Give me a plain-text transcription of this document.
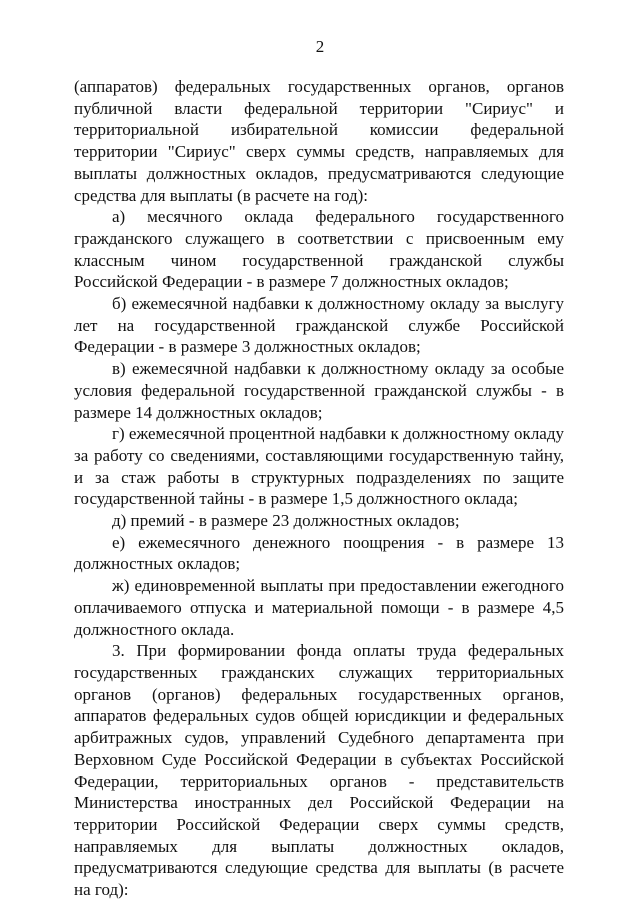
2

(аппаратов) федеральных государственных органов, органов публичной власти федеральной территории "Сириус" и территориальной избирательной комиссии федеральной территории "Сириус" сверх суммы средств, направляемых для выплаты должностных окладов, предусматриваются следующие средства для выплаты (в расчете на год):

а) месячного оклада федерального государственного гражданского служащего в соответствии с присвоенным ему классным чином государственной гражданской службы Российской Федерации - в размере 7 должностных окладов;

б) ежемесячной надбавки к должностному окладу за выслугу лет на государственной гражданской службе Российской Федерации - в размере 3 должностных окладов;

в) ежемесячной надбавки к должностному окладу за особые условия федеральной государственной гражданской службы - в размере 14 должностных окладов;

г) ежемесячной процентной надбавки к должностному окладу за работу со сведениями, составляющими государственную тайну, и за стаж работы в структурных подразделениях по защите государственной тайны - в размере 1,5 должностного оклада;

д) премий - в размере 23 должностных окладов;

е) ежемесячного денежного поощрения - в размере 13 должностных окладов;

ж) единовременной выплаты при предоставлении ежегодного оплачиваемого отпуска и материальной помощи - в размере 4,5 должностного оклада.

3. При формировании фонда оплаты труда федеральных государственных гражданских служащих территориальных органов (органов) федеральных государственных органов, аппаратов федеральных судов общей юрисдикции и федеральных арбитражных судов, управлений Судебного департамента при Верховном Суде Российской Федерации в субъектах Российской Федерации, территориальных органов - представительств Министерства иностранных дел Российской Федерации на территории Российской Федерации сверх суммы средств, направляемых для выплаты должностных окладов, предусматриваются следующие средства для выплаты (в расчете на год):
